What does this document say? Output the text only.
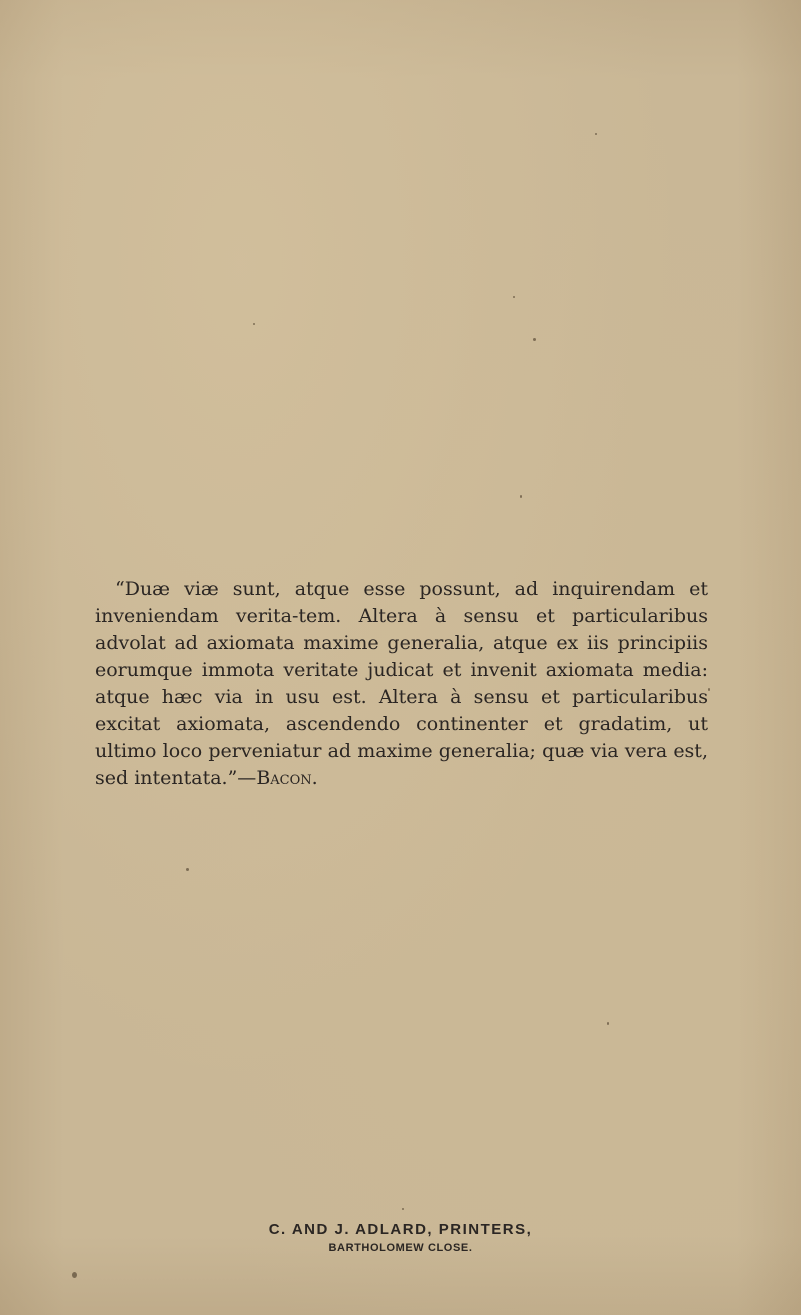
“Duæ viæ sunt, atque esse possunt, ad inquirendam et inveniendam verita-tem. Altera à sensu et particularibus advolat ad axiomata maxime generalia, atque ex iis principiis eorumque immota veritate judicat et invenit axiomata media: atque hæc via in usu est. Altera à sensu et particularibus excitat axiomata, ascendendo continenter et gradatim, ut ultimo loco perveniatur ad maxime generalia; quæ via vera est, sed intentata.”—Bacon.

C. AND J. ADLARD, PRINTERS,
BARTHOLOMEW CLOSE.
